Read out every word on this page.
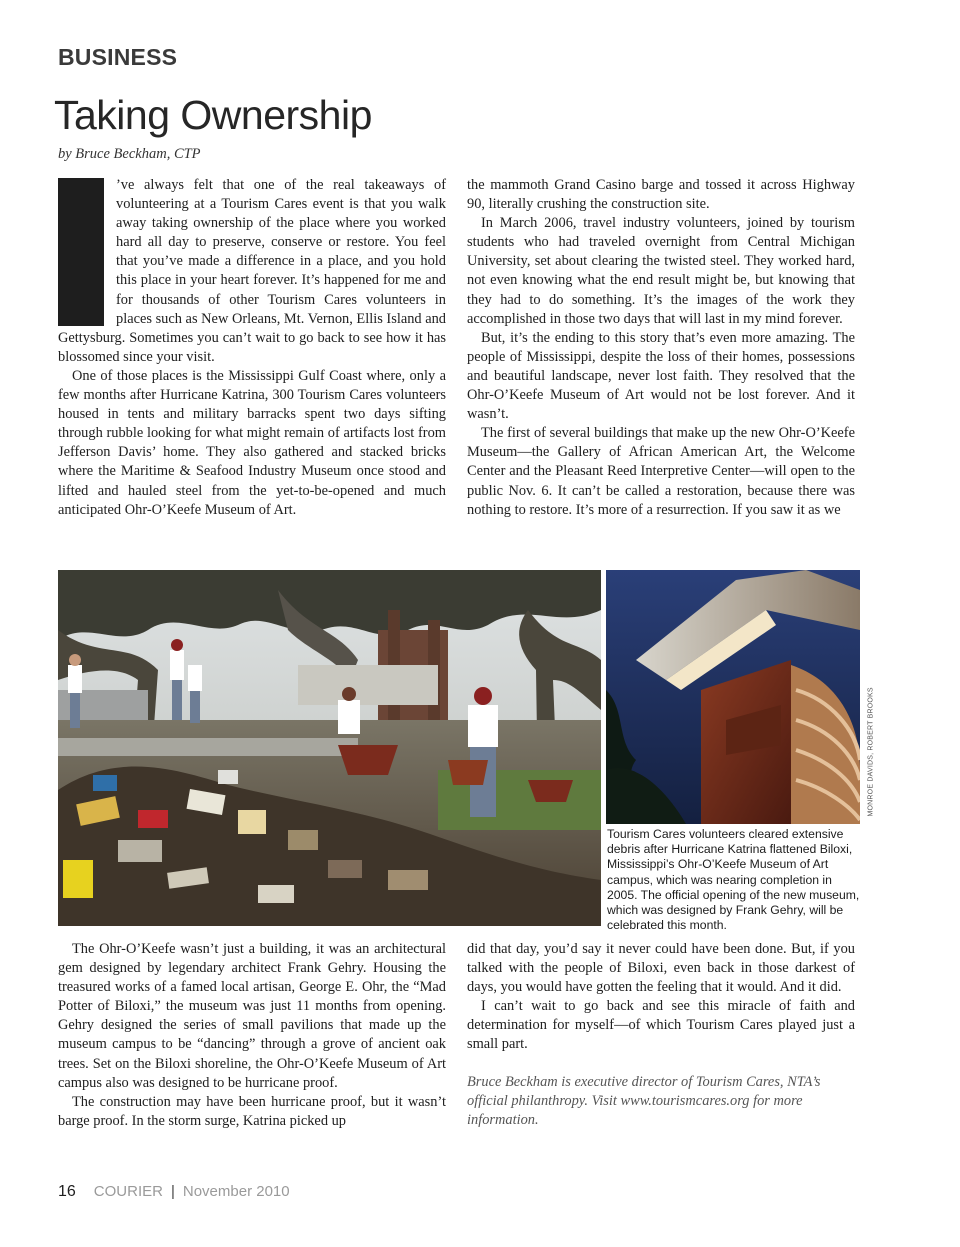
BUSINESS
Taking Ownership
by Bruce Beckham, CTP

’ve always felt that one of the real takeaways of volunteering at a Tourism Cares event is that you walk away taking ownership of the place where you worked hard all day to preserve, conserve or restore. You feel that you’ve made a difference in a place, and you hold this place in your heart forever. It’s happened for me and for thousands of other Tourism Cares volunteers in places such as New Orleans, Mt. Vernon, Ellis Island and Gettysburg. Sometimes you can’t wait to go back to see how it has blossomed since your visit.

One of those places is the Mississippi Gulf Coast where, only a few months after Hurricane Katrina, 300 Tourism Cares volunteers housed in tents and military barracks spent two days sifting through rubble looking for what might remain of artifacts lost from Jefferson Davis’ home. They also gathered and stacked bricks where the Maritime & Seafood Industry Museum once stood and lifted and hauled steel from the yet-to-be-opened and much anticipated Ohr-O’Keefe Museum of Art.

the mammoth Grand Casino barge and tossed it across Highway 90, literally crushing the construction site.

In March 2006, travel industry volunteers, joined by tourism students who had traveled overnight from Central Michigan University, set about clearing the twisted steel. They worked hard, not even knowing what the end result might be, but knowing that they had to do something. It’s the images of the work they accomplished in those two days that will last in my mind forever.

But, it’s the ending to this story that’s even more amazing. The people of Mississippi, despite the loss of their homes, possessions and beautiful landscape, never lost faith. They resolved that the Ohr-O’Keefe Museum of Art would not be lost forever. And it wasn’t.

The first of several buildings that make up the new Ohr-O’Keefe Museum—the Gallery of African American Art, the Welcome Center and the Pleasant Reed Interpretive Center—will open to the public Nov. 6. It can’t be called a restoration, because there was nothing to restore. It’s more of a resurrection. If you saw it as we

MONROE DAVIDS, ROBERT BROOKS
Tourism Cares volunteers cleared extensive debris after Hurricane Katrina flattened Biloxi, Mississippi’s Ohr-O’Keefe Museum of Art campus, which was nearing completion in 2005. The official opening of the new museum, which was designed by Frank Gehry, will be celebrated this month.

The Ohr-O’Keefe wasn’t just a building, it was an architectural gem designed by legendary architect Frank Gehry. Housing the treasured works of a famed local artisan, George E. Ohr, the “Mad Potter of Biloxi,” the museum was just 11 months from opening. Gehry designed the series of small pavilions that made up the museum campus to be “dancing” through a grove of ancient oak trees. Set on the Biloxi shoreline, the Ohr-O’Keefe Museum of Art campus also was designed to be hurricane proof.

The construction may have been hurricane proof, but it wasn’t barge proof. In the storm surge, Katrina picked up

did that day, you’d say it never could have been done. But, if you talked with the people of Biloxi, even back in those darkest of days, you would have gotten the feeling that it would. And it did.

I can’t wait to go back and see this miracle of faith and determination for myself—of which Tourism Cares played just a small part.

Bruce Beckham is executive director of Tourism Cares, NTA’s official philanthropy. Visit www.tourismcares.org for more information.

16 COURIER | November 2010
